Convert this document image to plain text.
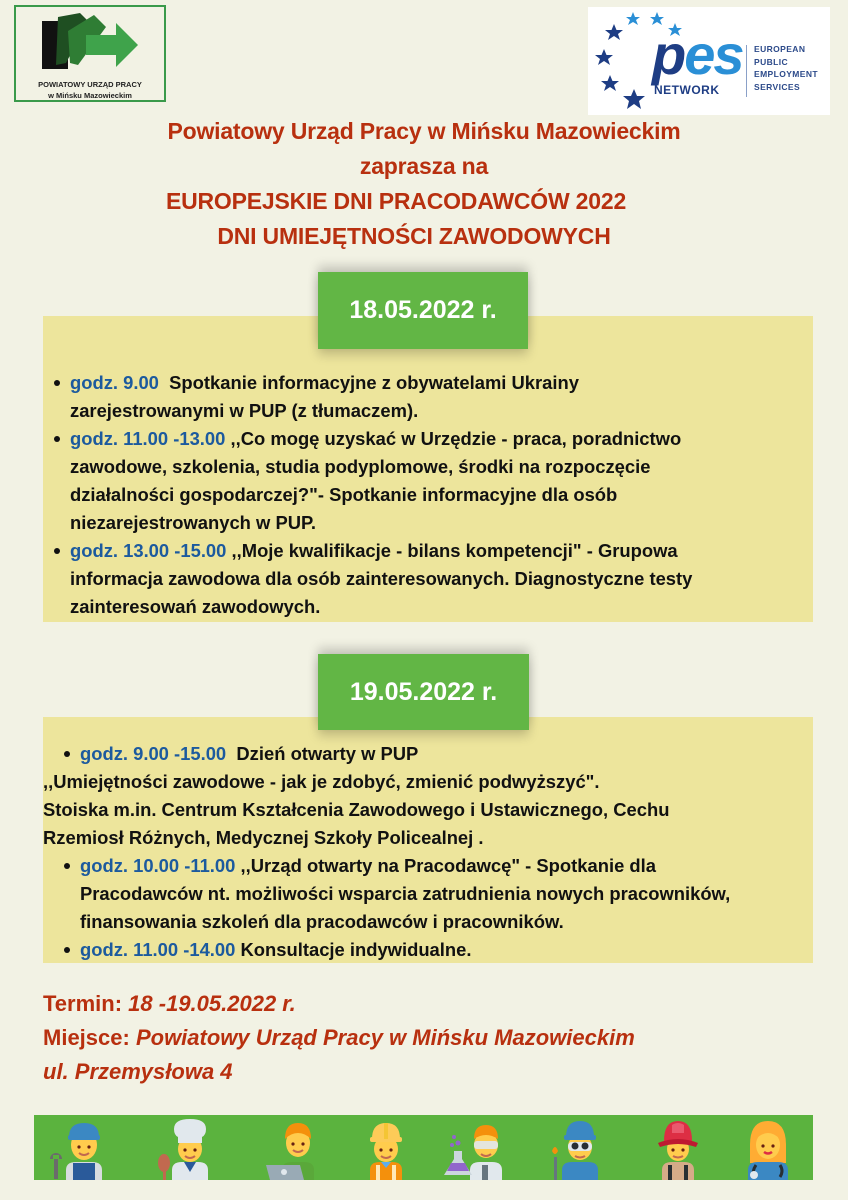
POWIATOWY URZĄD PRACY
w Mińsku Mazowieckim
pes
NETWORK
EUROPEAN
PUBLIC
EMPLOYMENT
SERVICES
Powiatowy Urząd Pracy w Mińsku Mazowieckim
zaprasza na
EUROPEJSKIE DNI PRACODAWCÓW 2022
DNI UMIEJĘTNOŚCI ZAWODOWYCH
18.05.2022 r.
godz. 9.00 Spotkanie informacyjne z obywatelami Ukrainy
zarejestrowanymi w PUP (z tłumaczem).
godz. 11.00 -13.00 ,,Co mogę uzyskać w Urzędzie - praca, poradnictwo
zawodowe, szkolenia, studia podyplomowe, środki na rozpoczęcie
działalności gospodarczej?"- Spotkanie informacyjne dla osób
niezarejestrowanych w PUP.
godz. 13.00 -15.00 ,,Moje kwalifikacje - bilans kompetencji" - Grupowa
informacja zawodowa dla osób zainteresowanych. Diagnostyczne testy
zainteresowań zawodowych.
19.05.2022 r.
godz. 9.00 -15.00 Dzień otwarty w PUP
,,Umiejętności zawodowe - jak je zdobyć, zmienić podwyższyć".
Stoiska m.in. Centrum Kształcenia Zawodowego i Ustawicznego, Cechu
Rzemiosł Różnych, Medycznej Szkoły Policealnej .
godz. 10.00 -11.00 ,,Urząd otwarty na Pracodawcę" - Spotkanie dla
Pracodawców nt. możliwości wsparcia zatrudnienia nowych pracowników,
finansowania szkoleń dla pracodawców i pracowników.
godz. 11.00 -14.00 Konsultacje indywidualne.
Termin: 18 -19.05.2022 r.
Miejsce: Powiatowy Urząd Pracy w Mińsku Mazowieckim
ul. Przemysłowa 4
